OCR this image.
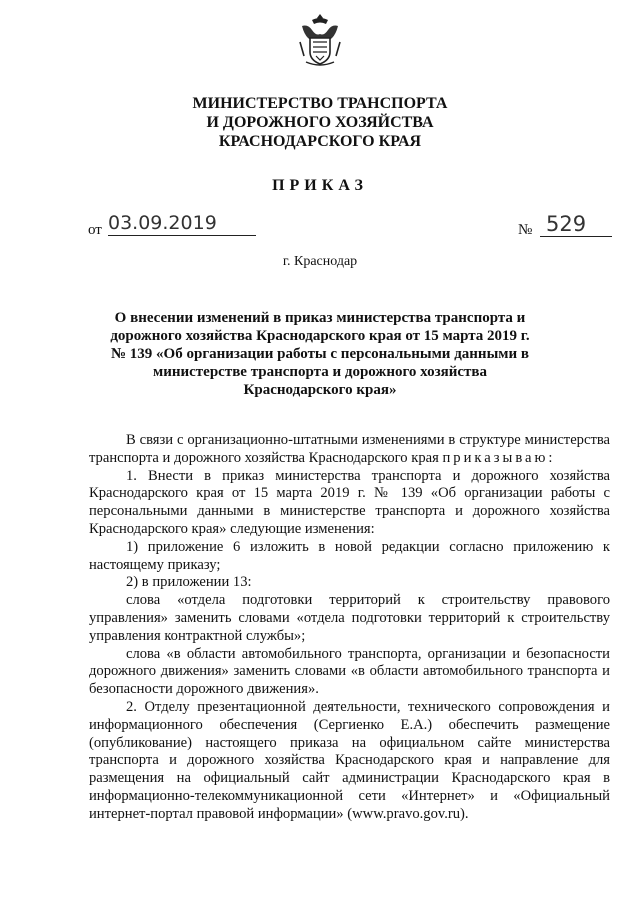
МИНИСТЕРСТВО ТРАНСПОРТА
И ДОРОЖНОГО ХОЗЯЙСТВА
КРАСНОДАРСКОГО КРАЯ
ПРИКАЗ
от 03.09.2019	№ 529
г. Краснодар
О внесении изменений в приказ министерства транспорта и
дорожного хозяйства Краснодарского края от 15 марта 2019 г.
№ 139 «Об организации работы с персональными данными в
министерстве транспорта и дорожного хозяйства
Краснодарского края»

В связи с организационно-штатными изменениями в структуре министерства транспорта и дорожного хозяйства Краснодарского края приказываю:

1. Внести в приказ министерства транспорта и дорожного хозяйства Краснодарского края от 15 марта 2019 г. № 139 «Об организации работы с персональными данными в министерстве транспорта и дорожного хозяйства Краснодарского края» следующие изменения:

1) приложение 6 изложить в новой редакции согласно приложению к настоящему приказу;

2) в приложении 13:

слова «отдела подготовки территорий к строительству правового управления» заменить словами «отдела подготовки территорий к строительству управления контрактной службы»;

слова «в области автомобильного транспорта, организации и безопасности дорожного движения» заменить словами «в области автомобильного транспорта и безопасности дорожного движения».

2. Отделу презентационной деятельности, технического сопровождения и информационного обеспечения (Сергиенко Е.А.) обеспечить размещение (опубликование) настоящего приказа на официальном сайте министерства транспорта и дорожного хозяйства Краснодарского края и направление для размещения на официальный сайт администрации Краснодарского края в информационно-телекоммуникационной сети «Интернет» и «Официальный интернет-портал правовой информации» (www.pravo.gov.ru).
